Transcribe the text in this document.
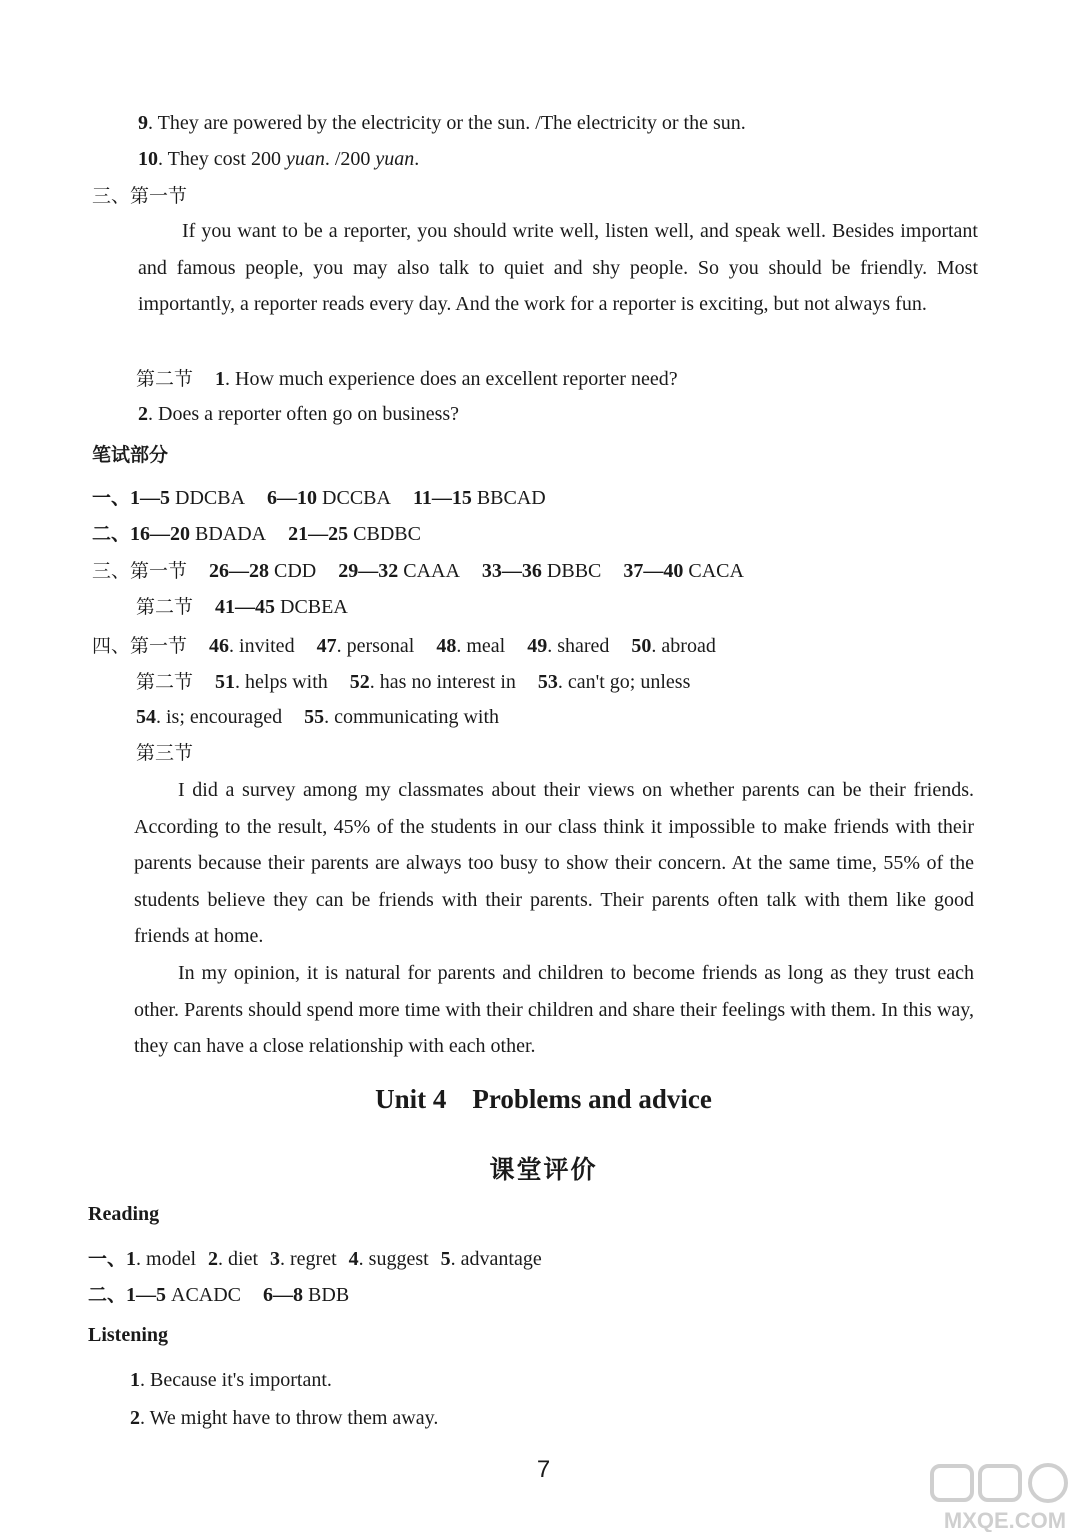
9. They are powered by the electricity or the sun. /The electricity or the sun.
10. They cost 200 yuan. /200 yuan.
三、第一节
If you want to be a reporter, you should write well, listen well, and speak well. Besides important and famous people, you may also talk to quiet and shy people. So you should be friendly. Most importantly, a reporter reads every day. And the work for a reporter is exciting, but not always fun.
第二节 1. How much experience does an excellent reporter need?
2. Does a reporter often go on business?
笔试部分
一、1—5 DDCBA 6—10 DCCBA 11—15 BBCAD
二、16—20 BDADA 21—25 CBDBC
三、第一节 26—28 CDD 29—32 CAAA 33—36 DBBC 37—40 CACA
第二节 41—45 DCBEA
四、第一节 46. invited 47. personal 48. meal 49. shared 50. abroad
第二节 51. helps with 52. has no interest in 53. can't go; unless
54. is; encouraged 55. communicating with
第三节
I did a survey among my classmates about their views on whether parents can be their friends. According to the result, 45% of the students in our class think it impossible to make friends with their parents because their parents are always too busy to show their concern. At the same time, 55% of the students believe they can be friends with their parents. Their parents often talk with them like good friends at home.
In my opinion, it is natural for parents and children to become friends as long as they trust each other. Parents should spend more time with their children and share their feelings with them. In this way, they can have a close relationship with each other.
Unit 4 Problems and advice
课堂评价
Reading
一、1. model 2. diet 3. regret 4. suggest 5. advantage
二、1—5 ACADC 6—8 BDB
Listening
1. Because it's important.
2. We might have to throw them away.
7
MXQE.COM
